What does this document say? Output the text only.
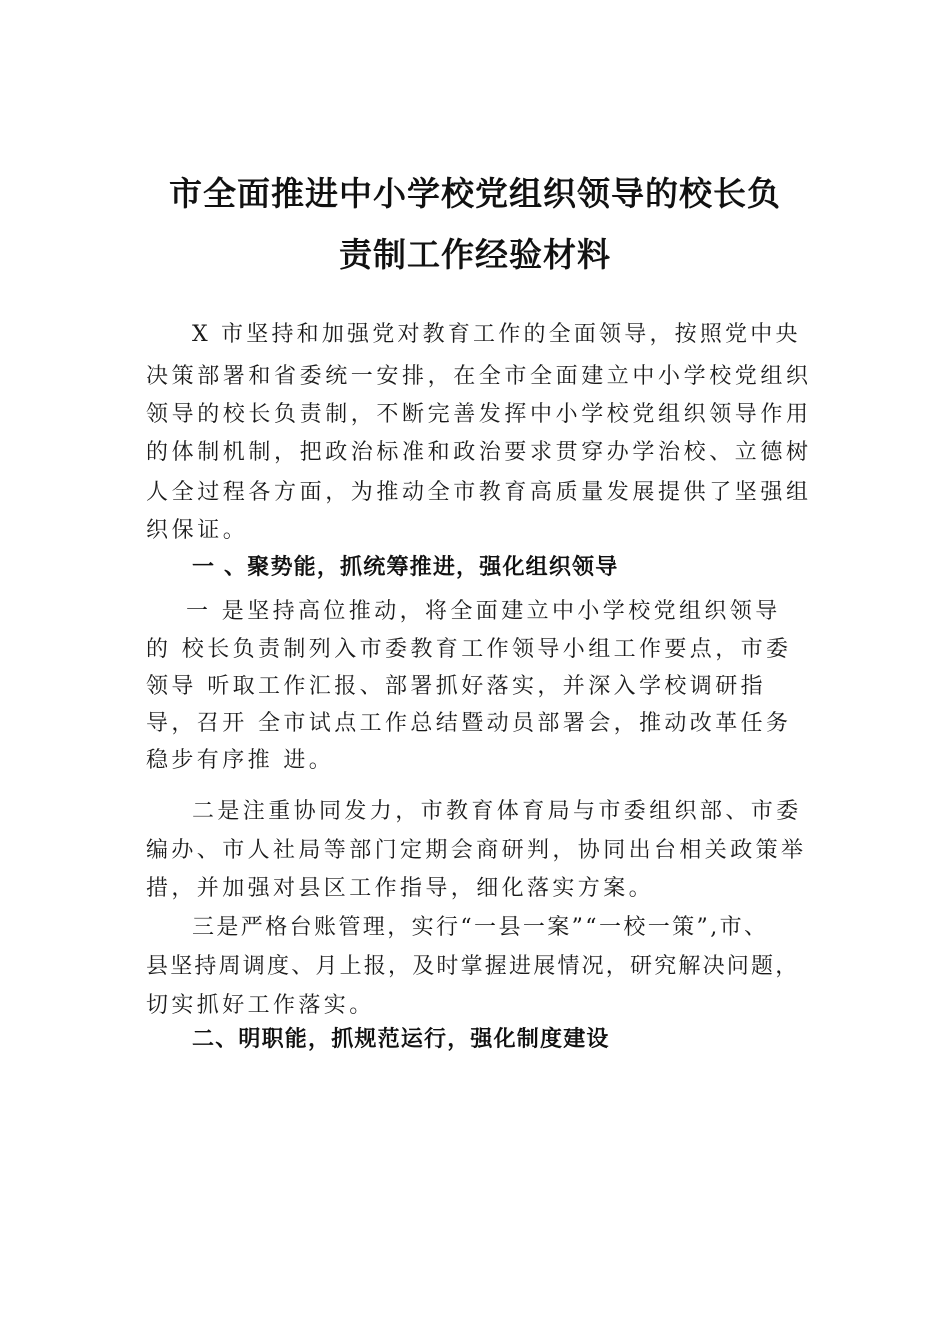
市全面推进中小学校党组织领导的校长负
责制工作经验材料
X 市坚持和加强党对教育工作的全面领导，按照党中央
决策部署和省委统一安排，在全市全面建立中小学校党组织
领导的校长负责制，不断完善发挥中小学校党组织领导作用
的体制机制，把政治标准和政治要求贯穿办学治校、立德树
人全过程各方面，为推动全市教育高质量发展提供了坚强组
织保证。
一 、聚势能，抓统筹推进，强化组织领导
一 是坚持高位推动，将全面建立中小学校党组织领导
的 校长负责制列入市委教育工作领导小组工作要点，市委
领导 听取工作汇报、部署抓好落实，并深入学校调研指
导，召开 全市试点工作总结暨动员部署会，推动改革任务
稳步有序推 进。
二是注重协同发力，市教育体育局与市委组织部、市委
编办、市人社局等部门定期会商研判，协同出台相关政策举
措，并加强对县区工作指导，细化落实方案。
三是严格台账管理，实行“一县一案”“一校一策”,市、
县坚持周调度、月上报，及时掌握进展情况，研究解决问题，
切实抓好工作落实。
二、明职能，抓规范运行，强化制度建设
